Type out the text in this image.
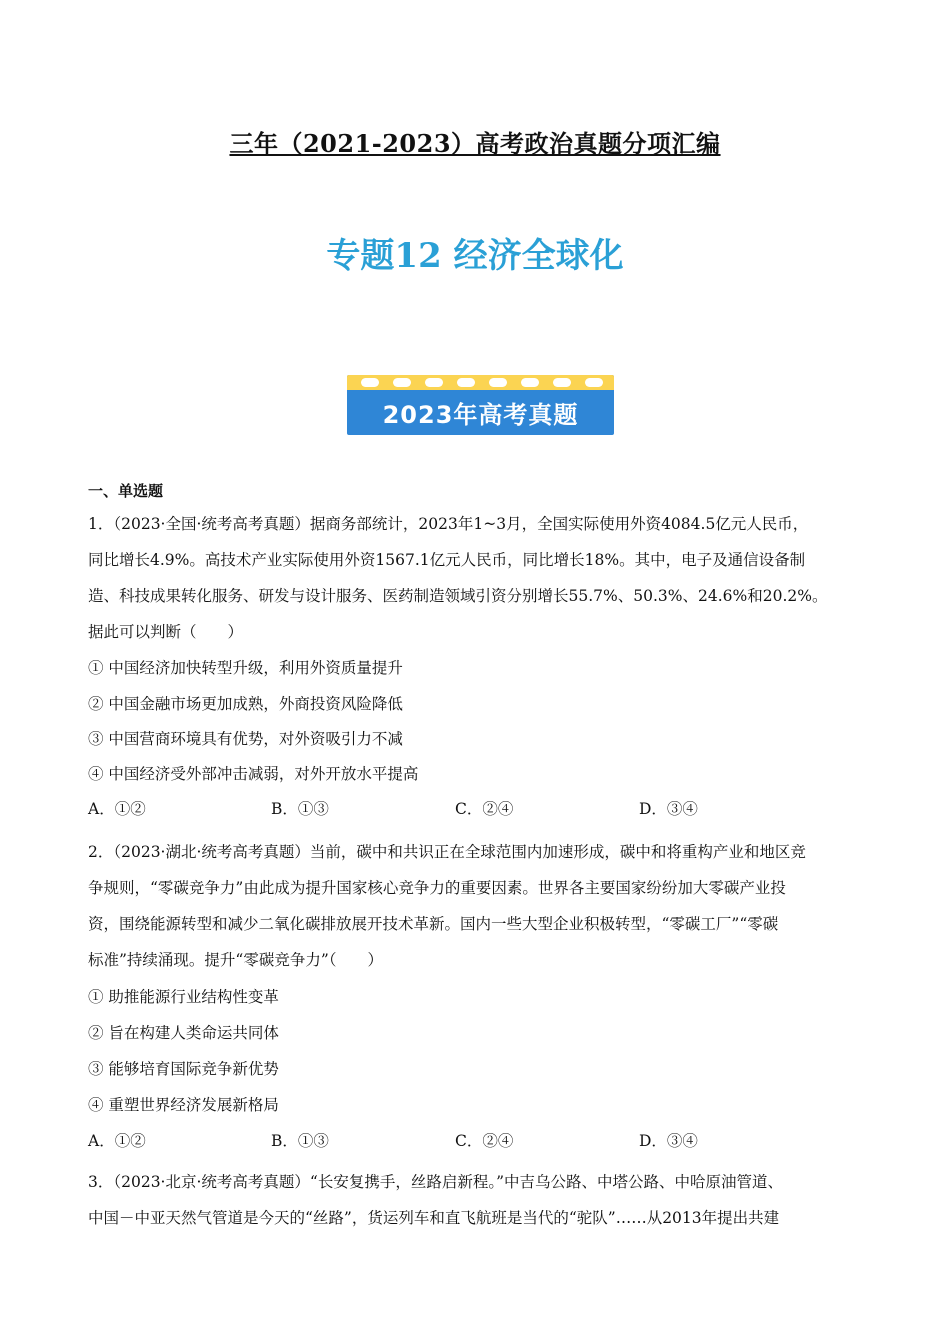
三年（2021-2023）高考政治真题分项汇编
专题12 经济全球化
2023年高考真题
一、单选题
1．（2023·全国·统考高考真题）据商务部统计，2023年1~3月，全国实际使用外资4084.5亿元人民币，
同比增长4.9%。高技术产业实际使用外资1567.1亿元人民币，同比增长18%。其中，电子及通信设备制
造、科技成果转化服务、研发与设计服务、医药制造领域引资分别增长55.7%、50.3%、24.6%和20.2%。
据此可以判断（　　）
① 中国经济加快转型升级，利用外资质量提升
② 中国金融市场更加成熟，外商投资风险降低
③ 中国营商环境具有优势，对外资吸引力不减
④ 中国经济受外部冲击减弱，对外开放水平提高
A．①②	B．①③	C．②④	D．③④
2．（2023·湖北·统考高考真题）当前，碳中和共识正在全球范围内加速形成，碳中和将重构产业和地区竞
争规则，“零碳竞争力”由此成为提升国家核心竞争力的重要因素。世界各主要国家纷纷加大零碳产业投
资，围绕能源转型和减少二氧化碳排放展开技术革新。国内一些大型企业积极转型，“零碳工厂”“零碳
标准”持续涌现。提升“零碳竞争力”（　　）
① 助推能源行业结构性变革
② 旨在构建人类命运共同体
③ 能够培育国际竞争新优势
④ 重塑世界经济发展新格局
A．①②	B．①③	C．②④	D．③④
3．（2023·北京·统考高考真题）“长安复携手，丝路启新程。”中吉乌公路、中塔公路、中哈原油管道、
中国－中亚天然气管道是今天的“丝路”，货运列车和直飞航班是当代的“驼队”……从2013年提出共建
